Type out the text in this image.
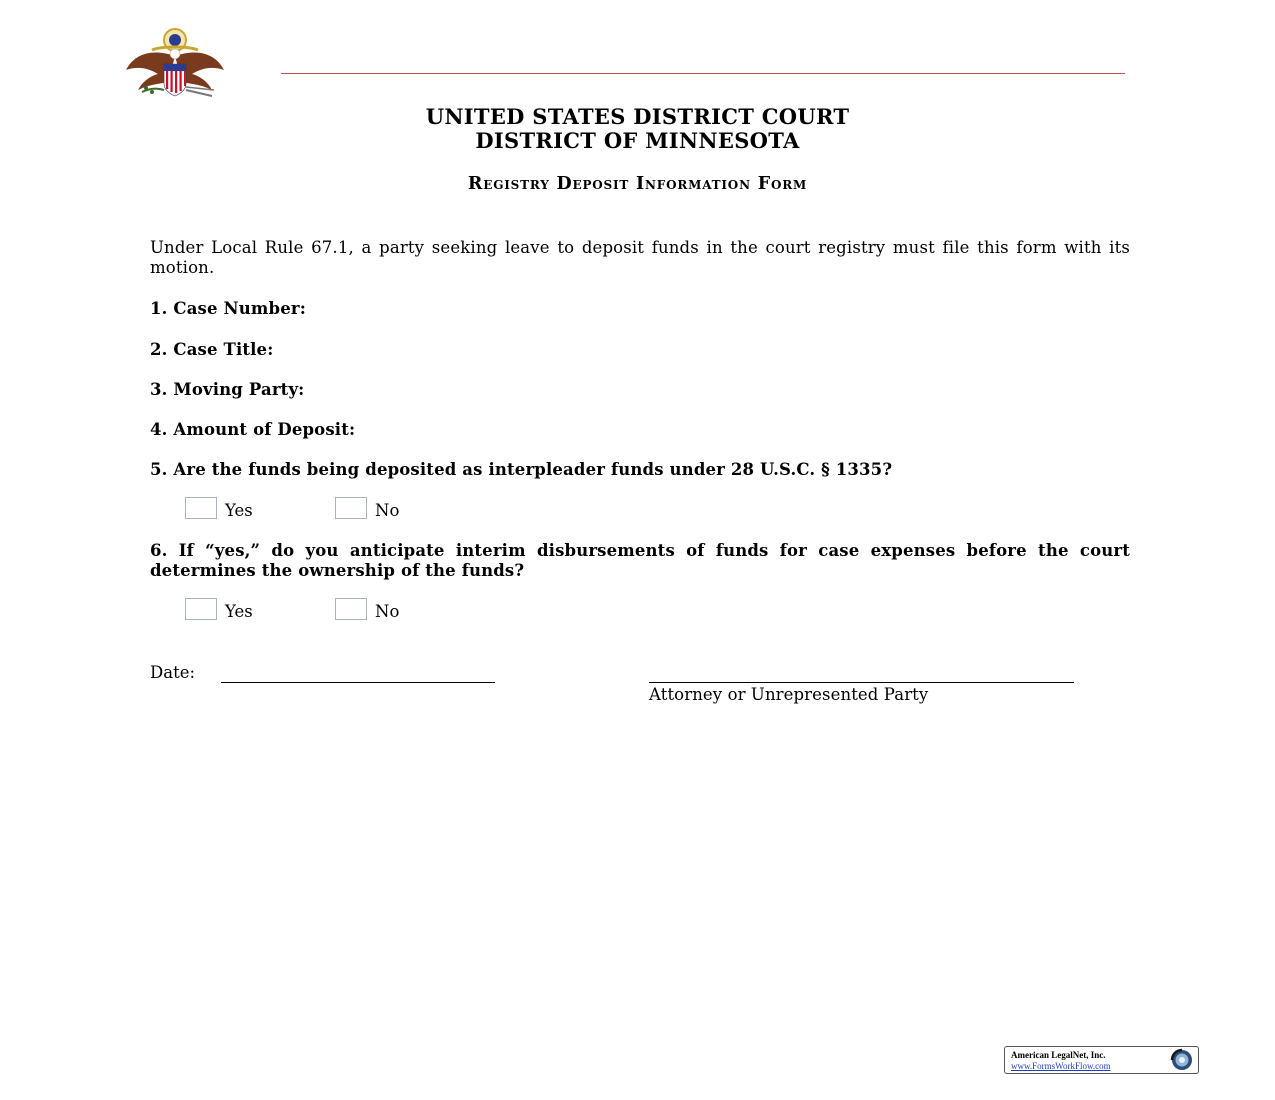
UNITED STATES DISTRICT COURT
DISTRICT OF MINNESOTA
Registry Deposit Information Form
Under Local Rule 67.1, a party seeking leave to deposit funds in the court registry must file this form with its motion.
1. Case Number:
2. Case Title:
3. Moving Party:
4. Amount of Deposit:
5. Are the funds being deposited as interpleader funds under 28 U.S.C. § 1335?
Yes	No
6. If “yes,” do you anticipate interim disbursements of funds for case expenses before the court determines the ownership of the funds?
Yes	No
Date:
Attorney or Unrepresented Party
American LegalNet, Inc.
www.FormsWorkFlow.com
